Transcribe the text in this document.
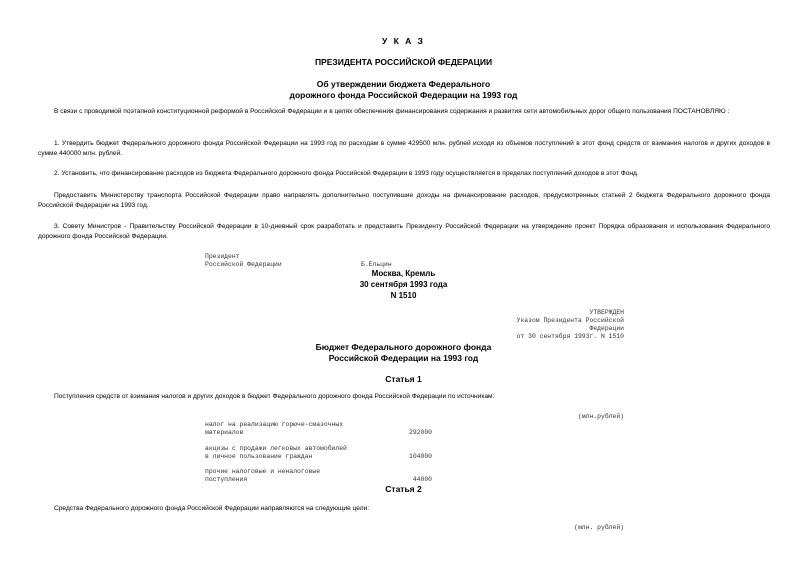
У К А З
ПРЕЗИДЕНТА РОССИЙСКОЙ ФЕДЕРАЦИИ
Об утверждении бюджета Федерального
дорожного фонда Российской Федерации на 1993 год
В связи с проводимой поэтапной конституционной реформой в Российской Федерации и в целях обеспечения финансирования содержания и развития сети автомобильных дорог общего пользования ПОСТАНОВЛЯЮ :
1. Утвердить бюджет Федерального дорожного фонда Российской Федерации на 1993 год по расходам в сумме 429500 млн. рублей исходя из объемов поступлений в этот фонд средств от взимания налогов и других доходов в сумме 440000 млн. рублей.
2. Установить, что финансирование расходов из бюджета Федерального дорожного фонда Российской Федерации в 1993 году осуществляется в пределах поступлений доходов в этот Фонд.
Предоставить Министерству транспорта Российской Федерации право направлять дополнительно поступившие доходы на финансирование расходов, предусмотренных статьей 2 бюджета Федерального дорожного фонда Российской Федерации на 1993 год.
3. Совету Министров - Правительству Российской Федерации в 10-дневный срок разработать и представить Президенту Российской Федерации на утверждение проект Порядка образования и использования Федерального дорожного фонда Российской Федерации.
Президент
Российской Федерации	Б.Ельцин
Москва, Кремль
30 сентября 1993 года
N 1510
УТВЕРЖДЕН
Указом Президента Российской
Федерации
от 30 сентября 1993г. N 1510
Бюджет Федерального дорожного фонда
Российской Федерации на 1993 год
Статья 1
Поступления средств от взимания налогов и других доходов в бюджет Федерального дорожного фонда Российской Федерации по источникам:
(млн.рублей)
налог на реализацию горюче-смазочных
материалов	292000
акцизы с продажи легковых автомобилей
в личное пользование граждан	104000
прочие налоговые и неналоговые
поступления	44000
Статья 2
Средства Федерального дорожного фонда Российской Федерации направляются на следующие цели:
(млн. рублей)
